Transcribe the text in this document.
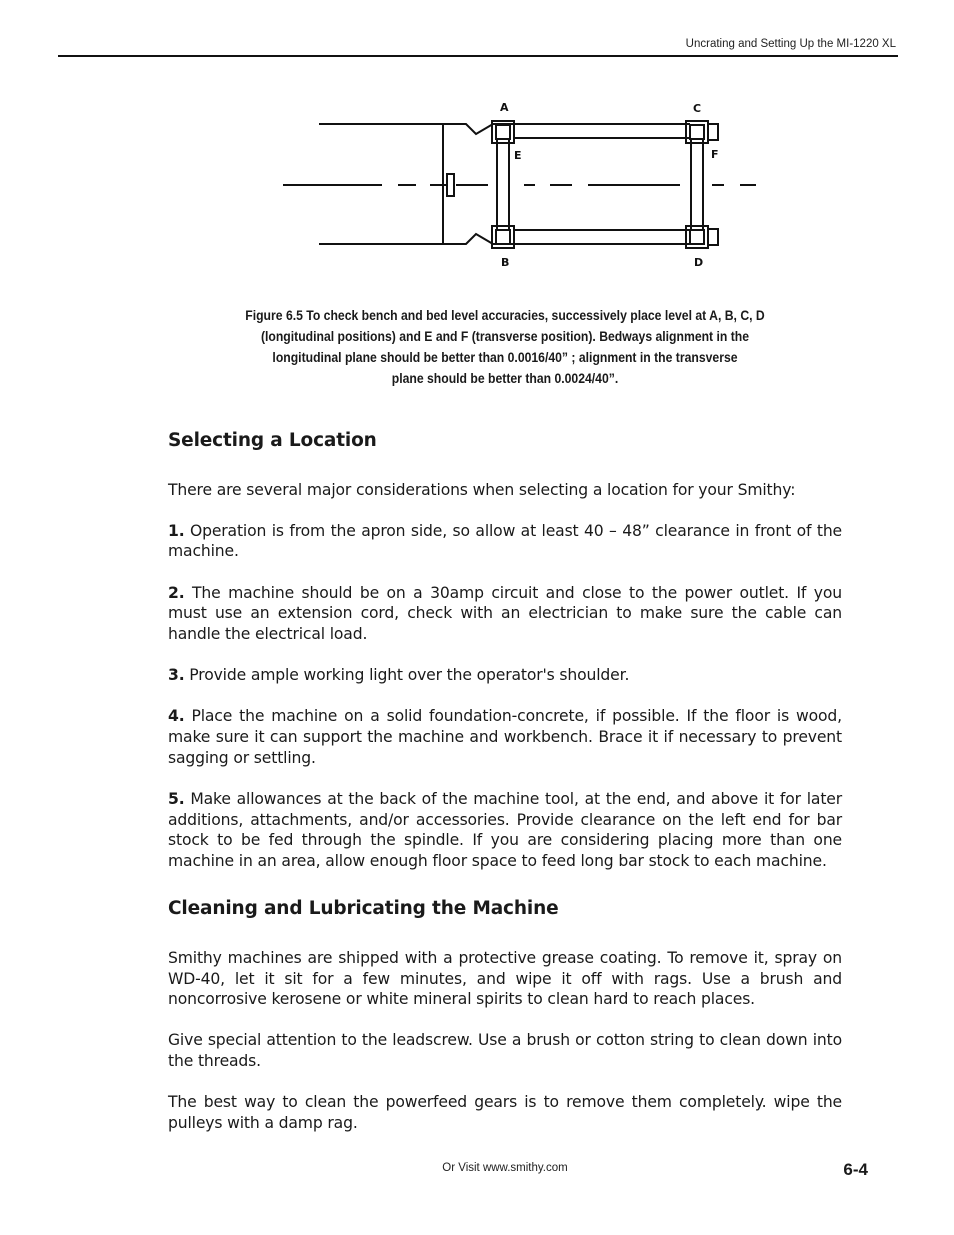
Uncrating and Setting Up the MI-1220 XL
A
E
B
C
F
D
Figure 6.5 To check bench and bed level accuracies, successively place level at A, B, C, D
(longitudinal positions) and E and F (transverse position). Bedways alignment in the
longitudinal plane should be better than 0.0016/40” ; alignment in the transverse
plane should be better than 0.0024/40”.
Selecting a Location

There are several major considerations when selecting a location for your Smithy:

1. Operation is from the apron side, so allow at least 40 – 48” clearance in front of the machine.

2. The machine should be on a 30amp circuit and close to the power outlet. If you must use an extension cord, check with an electrician to make sure the cable can handle the electrical load.

3. Provide ample working light over the operator's shoulder.

4. Place the machine on a solid foundation-concrete, if possible. If the floor is wood, make sure it can support the machine and workbench. Brace it if necessary to prevent sagging or settling.

5. Make allowances at the back of the machine tool, at the end, and above it for later additions, attachments, and/or accessories. Provide clearance on the left end for bar stock to be fed through the spindle. If you are considering placing more than one machine in an area, allow enough floor space to feed long bar stock to each machine.

Cleaning and Lubricating the Machine

Smithy machines are shipped with a protective grease coating. To remove it, spray on WD-40, let it sit for a few minutes, and wipe it off with rags. Use a brush and noncorrosive kerosene or white mineral spirits to clean hard to reach places.

Give special attention to the leadscrew. Use a brush or cotton string to clean down into the threads.

The best way to clean the powerfeed gears is to remove them completely. wipe the pulleys with a damp rag.

Or Visit www.smithy.com	6-4
